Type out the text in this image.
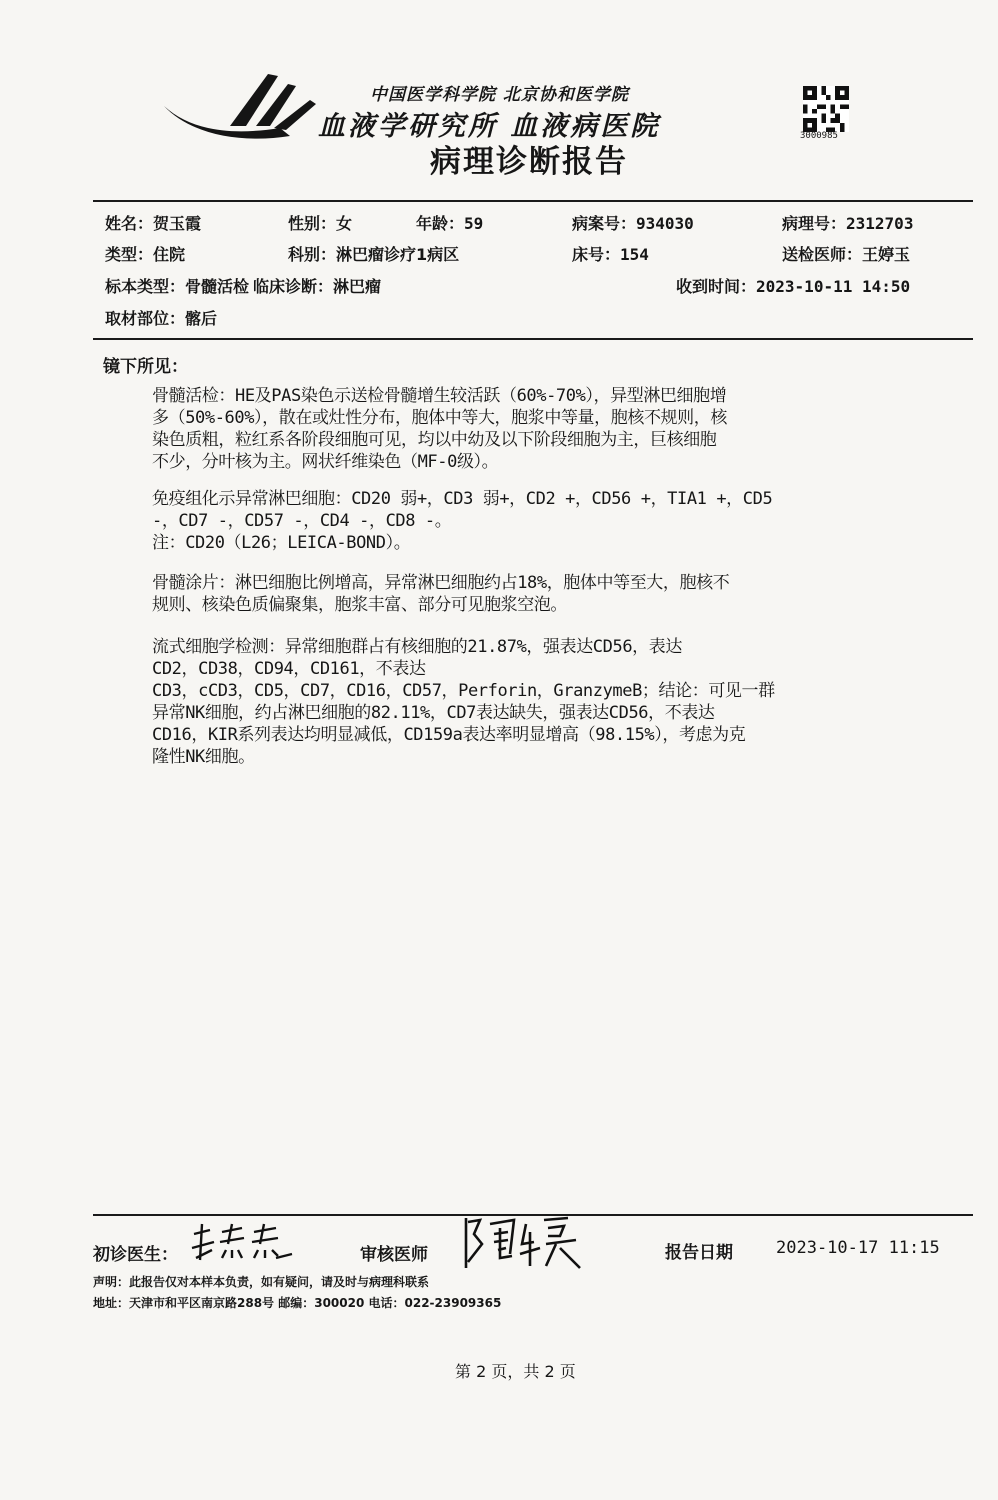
中国医学科学院 北京协和医学院
血液学研究所 血液病医院
病理诊断报告
3000985
姓名：贺玉霞	性别：女	年龄：59	病案号：934030	病理号：2312703
类型：住院	科别：淋巴瘤诊疗1病区	床号：154	送检医师：王婷玉
标本类型：骨髓活检 临床诊断：淋巴瘤	收到时间：2023-10-11 14:50
取材部位：髂后
镜下所见：
骨髓活检：HE及PAS染色示送检骨髓增生较活跃（60%-70%），异型淋巴细胞增
多（50%-60%），散在或灶性分布，胞体中等大，胞浆中等量，胞核不规则，核
染色质粗，粒红系各阶段细胞可见，均以中幼及以下阶段细胞为主，巨核细胞
不少，分叶核为主。网状纤维染色（MF-0级）。
免疫组化示异常淋巴细胞：CD20 弱+，CD3 弱+，CD2 +，CD56 +，TIA1 +，CD5
-，CD7 -，CD57 -，CD4 -，CD8 -。
注：CD20（L26；LEICA-BOND）。
骨髓涂片：淋巴细胞比例增高，异常淋巴细胞约占18%，胞体中等至大，胞核不
规则、核染色质偏聚集，胞浆丰富、部分可见胞浆空泡。
流式细胞学检测：异常细胞群占有核细胞的21.87%，强表达CD56，表达
CD2，CD38，CD94，CD161，不表达
CD3，cCD3，CD5，CD7，CD16，CD57，Perforin，GranzymeB；结论：可见一群
异常NK细胞，约占淋巴细胞的82.11%，CD7表达缺失，强表达CD56，不表达
CD16，KIR系列表达均明显减低，CD159a表达率明显增高（98.15%），考虑为克
隆性NK细胞。
初诊医生：	审核医师	报告日期	2023-10-17 11:15
声明：此报告仅对本样本负责，如有疑问，请及时与病理科联系
地址：天津市和平区南京路288号 邮编：300020 电话：022-23909365
第 2 页，共 2 页
